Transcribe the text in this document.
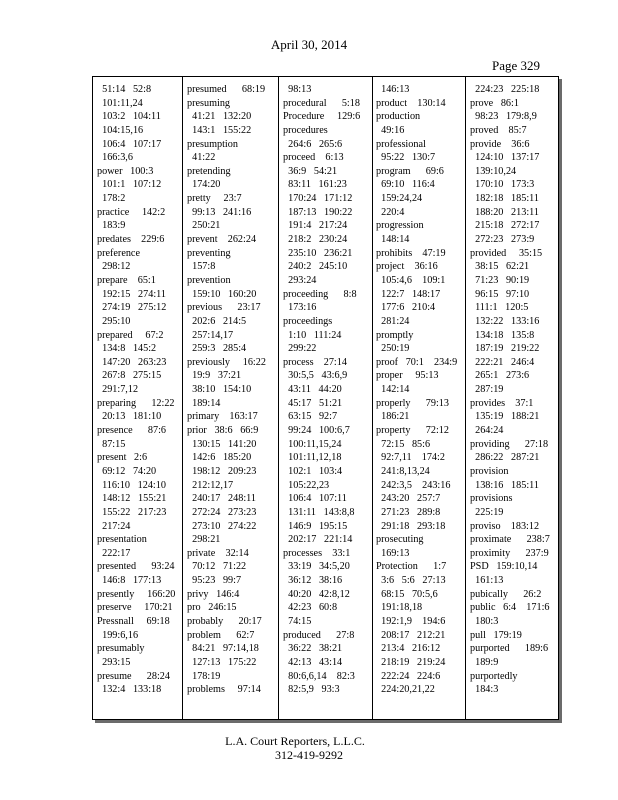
April 30, 2014
Page 329
51:14   52:8
101:11,24
103:2   104:11
104:15,16
106:4   107:17
166:3,6
power   100:3
101:1   107:12
178:2
practice     142:2
183:9
predates    229:6
preference
298:12
prepare    65:1
192:15   274:11
274:19   275:12
295:10
prepared     67:2
134:8   145:2
147:20   263:23
267:8   275:15
291:7,12
preparing      12:22
20:13   181:10
presence      87:6
87:15
present   2:6
69:12   74:20
116:10   124:10
148:12   155:21
155:22   217:23
217:24
presentation
222:17
presented      93:24
146:8   177:13
presently     166:20
preserve     170:21
Pressnall     69:18
199:6,16
presumably
293:15
presume      28:24
132:4   133:18
presumed      68:19
presuming
41:21   132:20
143:1   155:22
presumption
41:22
pretending
174:20
pretty     23:7
99:13   241:16
250:21
prevent    262:24
preventing
157:8
prevention
159:10   160:20
previous      23:17
202:6   214:5
257:14,17
259:3   285:4
previously     16:22
19:9   37:21
38:10   154:10
189:14
primary    163:17
prior   38:6   66:9
130:15   141:20
142:6   185:20
198:12   209:23
212:12,17
240:17   248:11
272:24   273:23
273:10   274:22
298:21
private    32:14
70:12   71:22
95:23   99:7
privy   146:4
pro   246:15
probably      20:17
problem      62:7
84:21   97:14,18
127:13   175:22
178:19
problems     97:14
98:13
procedural      5:18
Procedure     129:6
procedures
264:6   265:6
proceed    6:13
36:9   54:21
83:11   161:23
170:24   171:12
187:13   190:22
191:4   217:24
218:2   230:24
235:10   236:21
240:2   245:10
293:24
proceeding      8:8
173:16
proceedings
1:10   111:24
299:22
process    27:14
30:5,5   43:6,9
43:11   44:20
45:17   51:21
63:15   92:7
99:24   100:6,7
100:11,15,24
101:11,12,18
102:1   103:4
105:22,23
106:4   107:11
131:11   143:8,8
146:9   195:15
202:17   221:14
processes    33:1
33:19   34:5,20
36:12   38:16
40:20   42:8,12
42:23   60:8
74:15
produced      27:8
36:22   38:21
42:13   43:14
80:6,6,14    82:3
82:5,9   93:3
146:13
product    130:14
production
49:16
professional
95:22   130:7
program      69:6
69:10   116:4
159:24,24
220:4
progression
148:14
prohibits    47:19
project    36:16
105:4,6    109:1
122:7   148:17
177:6   210:4
281:24
promptly
250:19
proof   70:1    234:9
proper     95:13
142:14
properly      79:13
186:21
property      72:12
72:15   85:6
92:7,11    174:2
241:8,13,24
242:3,5    243:16
243:20   257:7
271:23   289:8
291:18   293:18
prosecuting
169:13
Protection      1:7
3:6   5:6   27:13
68:15   70:5,6
191:18,18
192:1,9    194:6
208:17   212:21
213:4   216:12
218:19   219:24
222:24   224:6
224:20,21,22
224:23   225:18
prove   86:1
98:23   179:8,9
proved    85:7
provide    36:6
124:10   137:17
139:10,24
170:10   173:3
182:18   185:11
188:20   213:11
215:18   272:17
272:23   273:9
provided     35:15
38:15   62:21
71:23   90:19
96:15   97:10
111:1   120:5
132:22   133:16
134:18   135:8
187:19   219:22
222:21   246:4
265:1   273:6
287:19
provides    37:1
135:19   188:21
264:24
providing      27:18
286:22   287:21
provision
138:16   185:11
provisions
225:19
proviso    183:12
proximate      238:7
proximity      237:9
PSD   159:10,14
161:13
pubically      26:2
public   6:4    171:6
180:3
pull   179:19
purported      189:6
189:9
purportedly
184:3
L.A. Court Reporters, L.L.C.
312-419-9292
